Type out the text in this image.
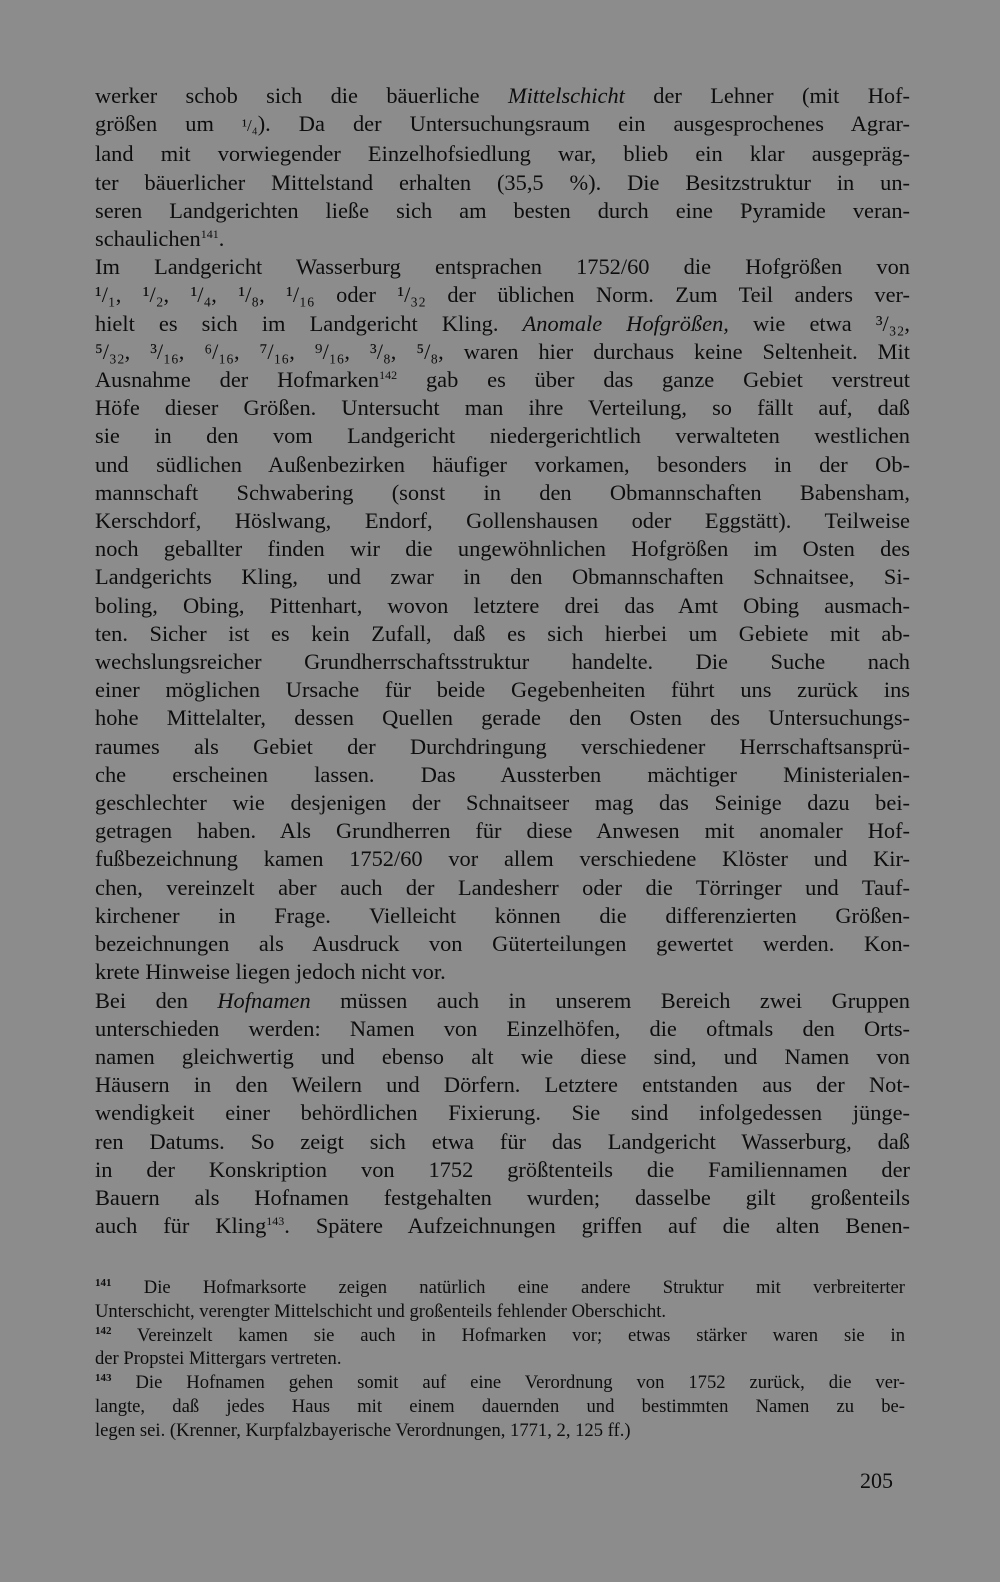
werker schob sich die bäuerliche Mittelschicht der Lehner (mit Hof-
größen um ¹/₄). Da der Untersuchungsraum ein ausgesprochenes Agrar-
land mit vorwiegender Einzelhofsiedlung war, blieb ein klar ausgepräg-
ter bäuerlicher Mittelstand erhalten (35,5 %). Die Besitzstruktur in un-
seren Landgerichten ließe sich am besten durch eine Pyramide veran-
schaulichen$^{141}$.
Im Landgericht Wasserburg entsprachen 1752/60 die Hofgrößen von
¹/₁, ¹/₂, ¹/₄, ¹/₈, ¹/₁₆ oder ¹/₃₂ der üblichen Norm. Zum Teil anders ver-
hielt es sich im Landgericht Kling. Anomale Hofgrößen, wie etwa ³/₃₂,
⁵/₃₂, ³/₁₆, ⁶/₁₆, ⁷/₁₆, ⁹/₁₆, ³/₈, ⁵/₈, waren hier durchaus keine Seltenheit. Mit
Ausnahme der Hofmarken$^{142}$ gab es über das ganze Gebiet verstreut
Höfe dieser Größen. Untersucht man ihre Verteilung, so fällt auf, daß
sie in den vom Landgericht niedergerichtlich verwalteten westlichen
und südlichen Außenbezirken häufiger vorkamen, besonders in der Ob-
mannschaft Schwabering (sonst in den Obmannschaften Babensham,
Kerschdorf, Höslwang, Endorf, Gollenshausen oder Eggstätt). Teilweise
noch geballter finden wir die ungewöhnlichen Hofgrößen im Osten des
Landgerichts Kling, und zwar in den Obmannschaften Schnaitsee, Si-
boling, Obing, Pittenhart, wovon letztere drei das Amt Obing ausmach-
ten. Sicher ist es kein Zufall, daß es sich hierbei um Gebiete mit ab-
wechslungsreicher Grundherrschaftsstruktur handelte. Die Suche nach
einer möglichen Ursache für beide Gegebenheiten führt uns zurück ins
hohe Mittelalter, dessen Quellen gerade den Osten des Untersuchungs-
raumes als Gebiet der Durchdringung verschiedener Herrschaftsansprü-
che erscheinen lassen. Das Aussterben mächtiger Ministerialen-
geschlechter wie desjenigen der Schnaitseer mag das Seinige dazu bei-
getragen haben. Als Grundherren für diese Anwesen mit anomaler Hof-
fußbezeichnung kamen 1752/60 vor allem verschiedene Klöster und Kir-
chen, vereinzelt aber auch der Landesherr oder die Törringer und Tauf-
kirchener in Frage. Vielleicht können die differenzierten Größen-
bezeichnungen als Ausdruck von Güterteilungen gewertet werden. Kon-
krete Hinweise liegen jedoch nicht vor.
Bei den Hofnamen müssen auch in unserem Bereich zwei Gruppen
unterschieden werden: Namen von Einzelhöfen, die oftmals den Orts-
namen gleichwertig und ebenso alt wie diese sind, und Namen von
Häusern in den Weilern und Dörfern. Letztere entstanden aus der Not-
wendigkeit einer behördlichen Fixierung. Sie sind infolgedessen jünge-
ren Datums. So zeigt sich etwa für das Landgericht Wasserburg, daß
in der Konskription von 1752 größtenteils die Familiennamen der
Bauern als Hofnamen festgehalten wurden; dasselbe gilt großenteils
auch für Kling$^{143}$. Spätere Aufzeichnungen griffen auf die alten Benen-
$^{141}$ Die Hofmarksorte zeigen natürlich eine andere Struktur mit verbreiterter
Unterschicht, verengter Mittelschicht und großenteils fehlender Oberschicht.
$^{142}$ Vereinzelt kamen sie auch in Hofmarken vor; etwas stärker waren sie in
der Propstei Mittergars vertreten.
$^{143}$ Die Hofnamen gehen somit auf eine Verordnung von 1752 zurück, die ver-
langte, daß jedes Haus mit einem dauernden und bestimmten Namen zu be-
legen sei. (Krenner, Kurpfalzbayerische Verordnungen, 1771, 2, 125 ff.)
205
